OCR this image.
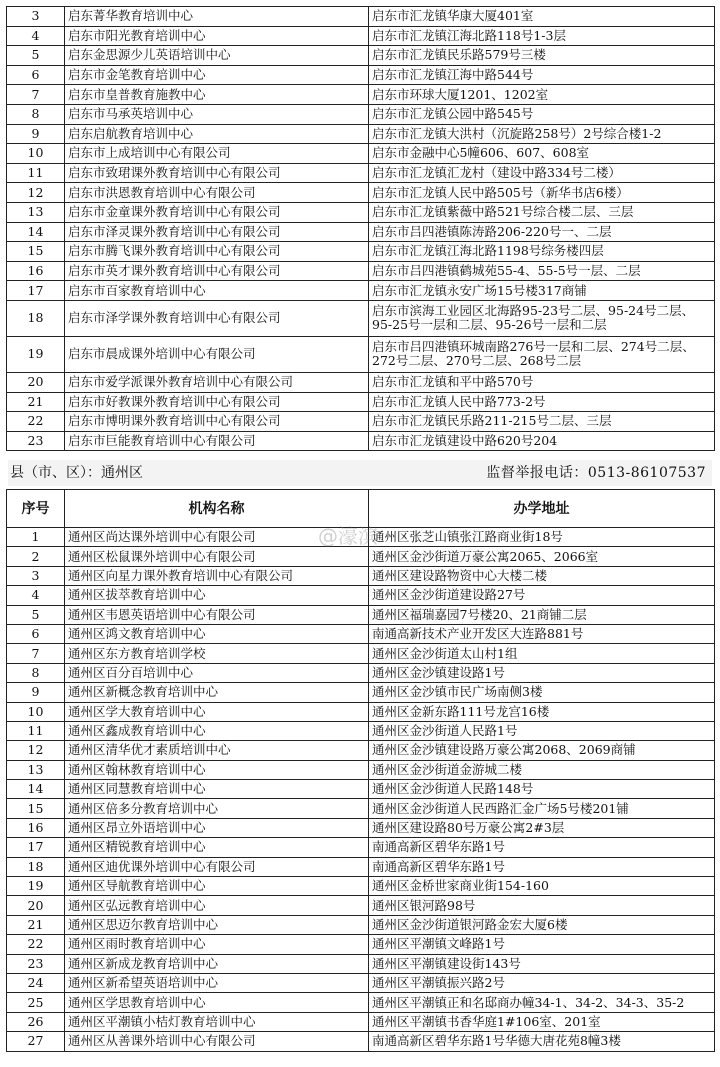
3	启东菁华教育培训中心	启东市汇龙镇华康大厦401室
4	启东市阳光教育培训中心	启东市汇龙镇江海北路118号1-3层
5	启东金思源少儿英语培训中心	启东市汇龙镇民乐路579号三楼
6	启东市金笔教育培训中心	启东市汇龙镇江海中路544号
7	启东市皇普教育施教中心	启东市环球大厦1201、1202室
8	启东市马承英培训中心	启东市汇龙镇公园中路545号
9	启东启航教育培训中心	启东市汇龙镇大洪村（沉旋路258号）2号综合楼1-2
10	启东市上成培训中心有限公司	启东市金融中心5幢606、607、608室
11	启东市致珺课外教育培训中心有限公司	启东市汇龙镇汇龙村（建设中路334号二楼）
12	启东市洪恩教育培训中心有限公司	启东市汇龙镇人民中路505号（新华书店6楼）
13	启东市金童课外教育培训中心有限公司	启东市汇龙镇紫薇中路521号综合楼二层、三层
14	启东市泽灵课外教育培训中心有限公司	启东市吕四港镇陈涛路206-220号一、二层
15	启东市腾飞课外教育培训中心有限公司	启东市汇龙镇江海北路1198号综务楼四层
16	启东市英才课外教育培训中心有限公司	启东市吕四港镇鹤城苑55-4、55-5号一层、二层
17	启东市百家教育培训中心	启东市汇龙镇永安广场15号楼317商铺
18	启东市泽学课外教育培训中心有限公司	启东市滨海工业园区北海路95-23号二层、95-24号二层、95-25号一层和二层、95-26号一层和二层
19	启东市晨成课外培训中心有限公司	启东市吕四港镇环城南路276号一层和二层、274号二层、272号二层、270号二层、268号二层
20	启东市爱学派课外教育培训中心有限公司	启东市汇龙镇和平中路570号
21	启东市好教课外教育培训中心有限公司	启东市汇龙镇人民中路773-2号
22	启东市博明课外教育培训中心有限公司	启东市汇龙镇民乐路211-215号二层、三层
23	启东市巨能教育培训中心有限公司	启东市汇龙镇建设中路620号204
县（市、区）：通州区	监督举报电话：0513-86107537
序号	机构名称	办学地址
1	通州区尚达课外培训中心有限公司	通州区张芝山镇张江路商业街18号
2	通州区松鼠课外培训中心有限公司	通州区金沙街道万豪公寓2065、2066室
3	通州区向星力课外教育培训中心有限公司	通州区建设路物资中心大楼二楼
4	通州区拔萃教育培训中心	通州区金沙街道建设路27号
5	通州区韦恩英语培训中心有限公司	通州区福瑞嘉园7号楼20、21商铺二层
6	通州区鸿文教育培训中心	南通高新技术产业开发区大连路881号
7	通州区东方教育培训学校	通州区金沙街道太山村1组
8	通州区百分百培训中心	通州区金沙镇建设路1号
9	通州区新概念教育培训中心	通州区金沙镇市民广场南侧3楼
10	通州区学大教育培训中心	通州区金新东路111号龙宫16楼
11	通州区鑫成教育培训中心	通州区金沙街道人民路1号
12	通州区清华优才素质培训中心	通州区金沙镇建设路万豪公寓2068、2069商铺
13	通州区翰林教育培训中心	通州区金沙街道金游城二楼
14	通州区同慧教育培训中心	通州区金沙街道人民路148号
15	通州区倍多分教育培训中心	通州区金沙街道人民西路汇金广场5号楼201铺
16	通州区昂立外语培训中心	通州区建设路80号万豪公寓2#3层
17	通州区精锐教育培训中心	南通高新区碧华东路1号
18	通州区迪优课外培训中心有限公司	南通高新区碧华东路1号
19	通州区导航教育培训中心	通州区金桥世家商业街154-160
20	通州区弘远教育培训中心	通州区银河路98号
21	通州区思迈尔教育培训中心	通州区金沙街道银河路金宏大厦6楼
22	通州区雨时教育培训中心	通州区平潮镇文峰路1号
23	通州区新成龙教育培训中心	通州区平潮镇建设街143号
24	通州区新希望英语培训中心	通州区平潮镇振兴路2号
25	通州区学思教育培训中心	通州区平潮镇正和名邸商办幢34-1、34-2、34-3、35-2
26	通州区平潮镇小桔灯教育培训中心	通州区平潮镇书香华庭1#106室、201室
27	通州区从善课外培训中心有限公司	南通高新区碧华东路1号华德大唐花苑8幢3楼
@濠滨
